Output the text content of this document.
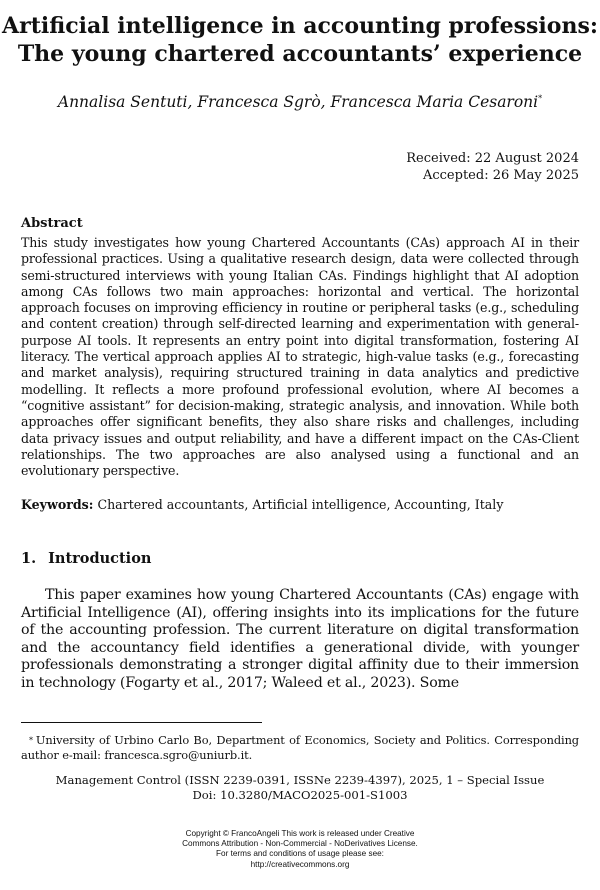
Artificial intelligence in accounting professions:
The young chartered accountants’ experience
Annalisa Sentuti, Francesca Sgrò, Francesca Maria Cesaroni*
Received: 22 August 2024
Accepted: 26 May 2025
Abstract
This study investigates how young Chartered Accountants (CAs) approach AI in their professional practices. Using a qualitative research design, data were collected through semi-structured interviews with young Italian CAs. Findings highlight that AI adoption among CAs follows two main approaches: horizontal and vertical. The horizontal approach focuses on improving efficiency in routine or peripheral tasks (e.g., scheduling and content creation) through self-directed learning and experimentation with general-purpose AI tools. It represents an entry point into digital transformation, fostering AI literacy. The vertical approach applies AI to strategic, high-value tasks (e.g., forecasting and market analysis), requiring structured training in data analytics and predictive modelling. It reflects a more profound professional evolution, where AI becomes a “cognitive assistant” for decision-making, strategic analysis, and innovation. While both approaches offer significant benefits, they also share risks and challenges, including data privacy issues and output reliability, and have a different impact on the CAs-Client relationships. The two approaches are also analysed using a functional and an evolutionary perspective.
Keywords: Chartered accountants, Artificial intelligence, Accounting, Italy
1. Introduction
This paper examines how young Chartered Accountants (CAs) engage with Artificial Intelligence (AI), offering insights into its implications for the future of the accounting profession. The current literature on digital transformation and the accountancy field identifies a generational divide, with younger professionals demonstrating a stronger digital affinity due to their immersion in technology (Fogarty et al., 2017; Waleed et al., 2023). Some
* University of Urbino Carlo Bo, Department of Economics, Society and Politics. Corresponding author e-mail: francesca.sgro@uniurb.it.
Management Control (ISSN 2239-0391, ISSNe 2239-4397), 2025, 1 – Special Issue
Doi: 10.3280/MACO2025-001-S1003
Copyright © FrancoAngeli This work is released under Creative
Commons Attribution - Non-Commercial - NoDerivatives License.
For terms and conditions of usage please see:
http://creativecommons.org
